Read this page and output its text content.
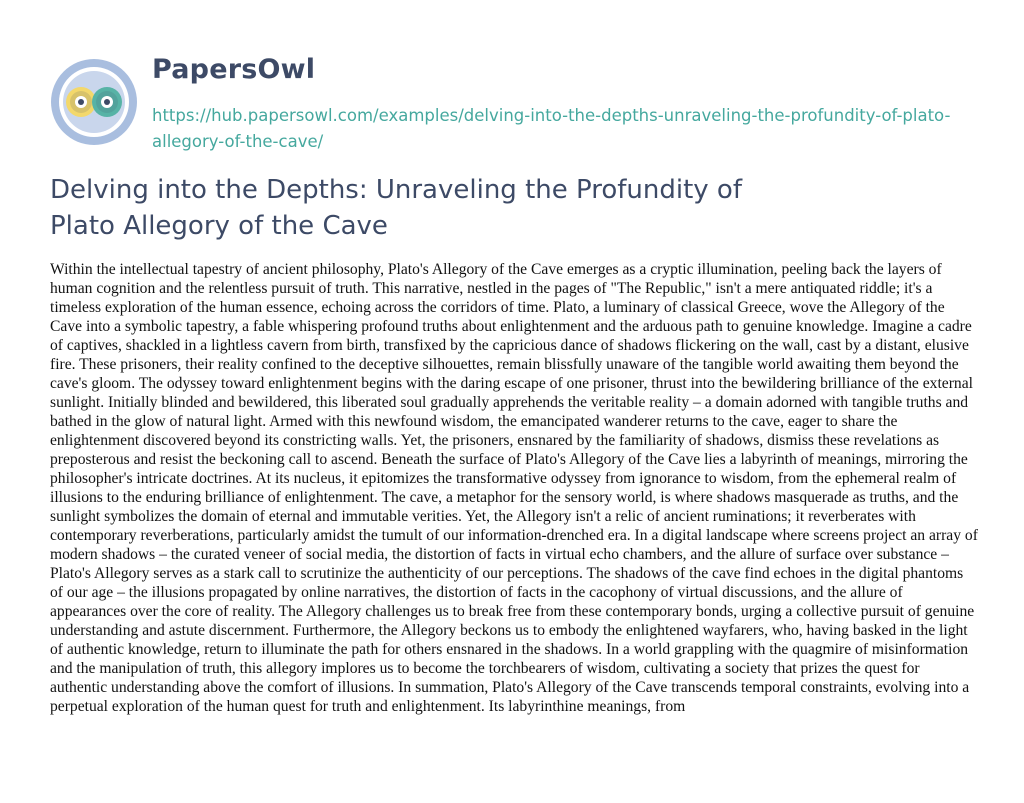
PapersOwl
https://hub.papersowl.com/examples/delving-into-the-depths-unraveling-the-profundity-of-plato-allegory-of-the-cave/
Delving into the Depths: Unraveling the Profundity of Plato Allegory of the Cave

Within the intellectual tapestry of ancient philosophy, Plato's Allegory of the Cave emerges as a cryptic illumination, peeling back the layers of human cognition and the relentless pursuit of truth. This narrative, nestled in the pages of "The Republic," isn't a mere antiquated riddle; it's a timeless exploration of the human essence, echoing across the corridors of time. Plato, a luminary of classical Greece, wove the Allegory of the Cave into a symbolic tapestry, a fable whispering profound truths about enlightenment and the arduous path to genuine knowledge. Imagine a cadre of captives, shackled in a lightless cavern from birth, transfixed by the capricious dance of shadows flickering on the wall, cast by a distant, elusive fire. These prisoners, their reality confined to the deceptive silhouettes, remain blissfully unaware of the tangible world awaiting them beyond the cave's gloom. The odyssey toward enlightenment begins with the daring escape of one prisoner, thrust into the bewildering brilliance of the external sunlight. Initially blinded and bewildered, this liberated soul gradually apprehends the veritable reality – a domain adorned with tangible truths and bathed in the glow of natural light. Armed with this newfound wisdom, the emancipated wanderer returns to the cave, eager to share the enlightenment discovered beyond its constricting walls. Yet, the prisoners, ensnared by the familiarity of shadows, dismiss these revelations as preposterous and resist the beckoning call to ascend. Beneath the surface of Plato's Allegory of the Cave lies a labyrinth of meanings, mirroring the philosopher's intricate doctrines. At its nucleus, it epitomizes the transformative odyssey from ignorance to wisdom, from the ephemeral realm of illusions to the enduring brilliance of enlightenment. The cave, a metaphor for the sensory world, is where shadows masquerade as truths, and the sunlight symbolizes the domain of eternal and immutable verities. Yet, the Allegory isn't a relic of ancient ruminations; it reverberates with contemporary reverberations, particularly amidst the tumult of our information-drenched era. In a digital landscape where screens project an array of modern shadows – the curated veneer of social media, the distortion of facts in virtual echo chambers, and the allure of surface over substance – Plato's Allegory serves as a stark call to scrutinize the authenticity of our perceptions. The shadows of the cave find echoes in the digital phantoms of our age – the illusions propagated by online narratives, the distortion of facts in the cacophony of virtual discussions, and the allure of appearances over the core of reality. The Allegory challenges us to break free from these contemporary bonds, urging a collective pursuit of genuine understanding and astute discernment. Furthermore, the Allegory beckons us to embody the enlightened wayfarers, who, having basked in the light of authentic knowledge, return to illuminate the path for others ensnared in the shadows. In a world grappling with the quagmire of misinformation and the manipulation of truth, this allegory implores us to become the torchbearers of wisdom, cultivating a society that prizes the quest for authentic understanding above the comfort of illusions. In summation, Plato's Allegory of the Cave transcends temporal constraints, evolving into a perpetual exploration of the human quest for truth and enlightenment. Its labyrinthine meanings, from
